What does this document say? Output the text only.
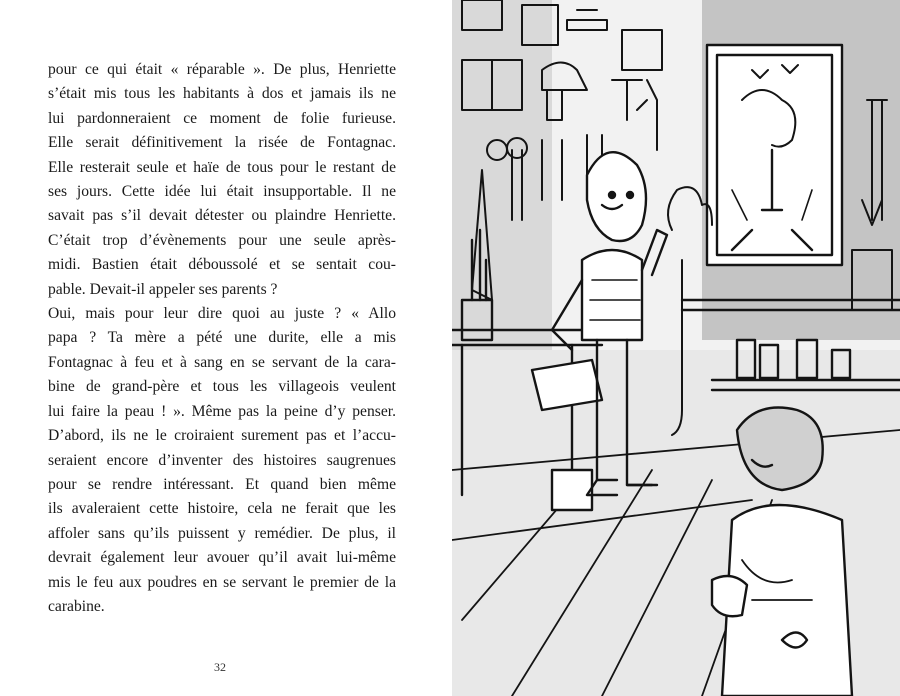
pour ce qui était « réparable ». De plus, Henriette
s’était mis tous les habitants à dos et jamais ils ne
lui pardonneraient ce moment de folie furieuse.
Elle serait définitivement la risée de Fontagnac.
Elle resterait seule et haïe de tous pour le restant de
ses jours. Cette idée lui était insupportable. Il ne
savait pas s’il devait détester ou plaindre Henriette.
C’était trop d’évènements pour une seule après-
midi. Bastien était déboussolé et se sentait cou-
pable. Devait-il appeler ses parents ?
Oui, mais pour leur dire quoi au juste ? « Allo
papa ? Ta mère a pété une durite, elle a mis
Fontagnac à feu et à sang en se servant de la cara-
bine de grand-père et tous les villageois veulent
lui faire la peau ! ». Même pas la peine d’y penser.
D’abord, ils ne le croiraient surement pas et l’accu-
seraient encore d’inventer des histoires saugrenues
pour se rendre intéressant. Et quand bien même
ils avaleraient cette histoire, cela ne ferait que les
affoler sans qu’ils puissent y remédier. De plus, il
devrait également leur avouer qu’il avait lui-même
mis le feu aux poudres en se servant le premier de la
carabine.
32
